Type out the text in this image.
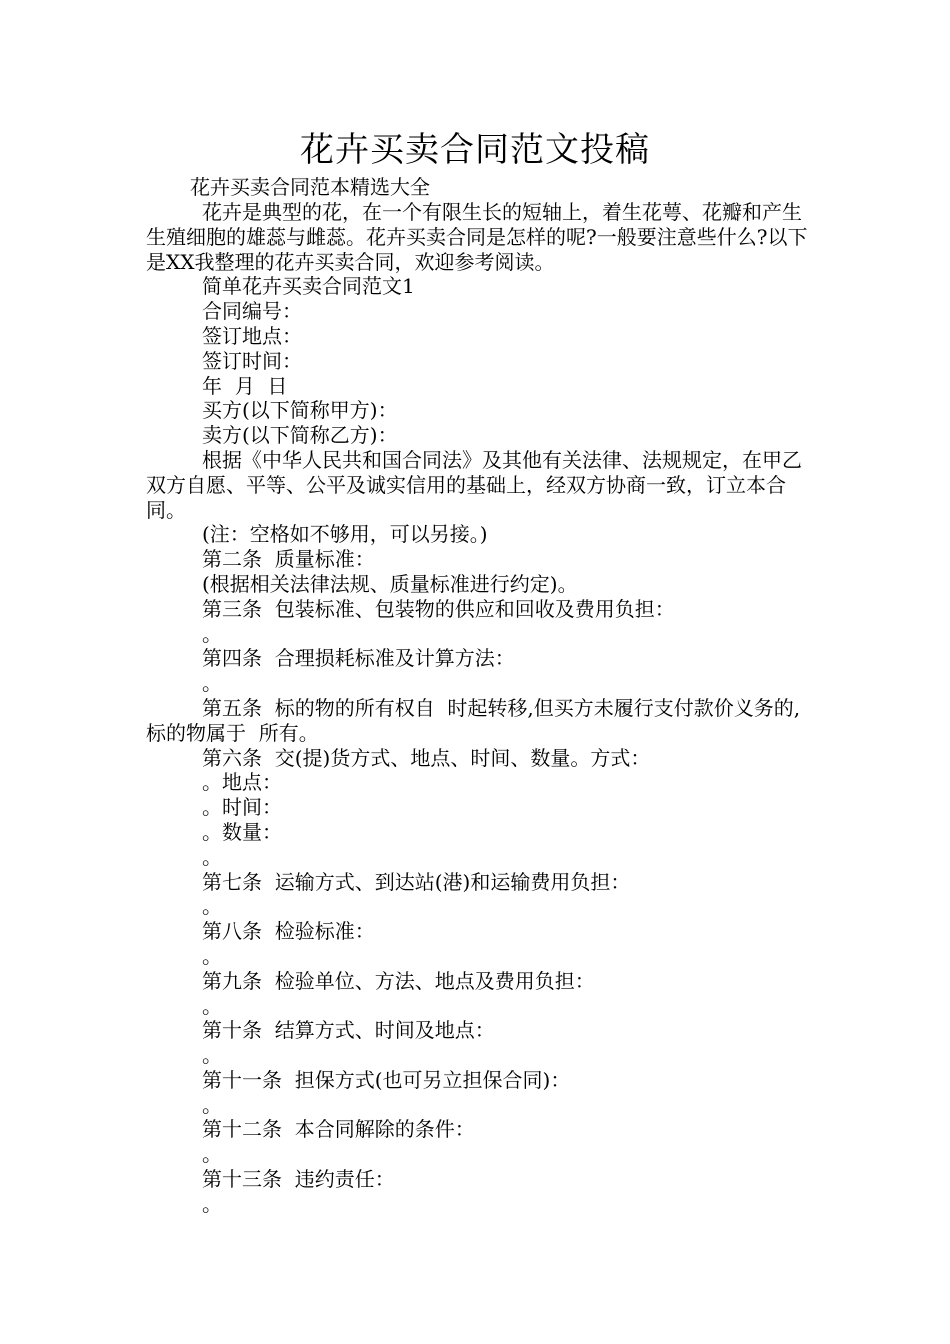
花卉买卖合同范文投稿
花卉买卖合同范本精选大全

花卉是典型的花，在一个有限生长的短轴上，着生花萼、花瓣和产生生殖细胞的雄蕊与雌蕊。花卉买卖合同是怎样的呢?一般要注意些什么?以下是XX我整理的花卉买卖合同，欢迎参考阅读。

简单花卉买卖合同范文1

合同编号：

签订地点：

签订时间：

年  月  日

买方(以下简称甲方)：

卖方(以下简称乙方)：

根据《中华人民共和国合同法》及其他有关法律、法规规定，在甲乙双方自愿、平等、公平及诚实信用的基础上，经双方协商一致，订立本合同。

(注：空格如不够用，可以另接。)

第二条  质量标准：

(根据相关法律法规、质量标准进行约定)。

第三条  包装标准、包装物的供应和回收及费用负担：

。

第四条  合理损耗标准及计算方法：

。

第五条  标的物的所有权自  时起转移,但买方未履行支付款价义务的,标的物属于  所有。

第六条  交(提)货方式、地点、时间、数量。方式：

。地点：

。时间：

。数量：

。

第七条  运输方式、到达站(港)和运输费用负担：

。

第八条  检验标准：

。

第九条  检验单位、方法、地点及费用负担：

。

第十条  结算方式、时间及地点：

。

第十一条  担保方式(也可另立担保合同)：

。

第十二条  本合同解除的条件：

。

第十三条  违约责任：

。
